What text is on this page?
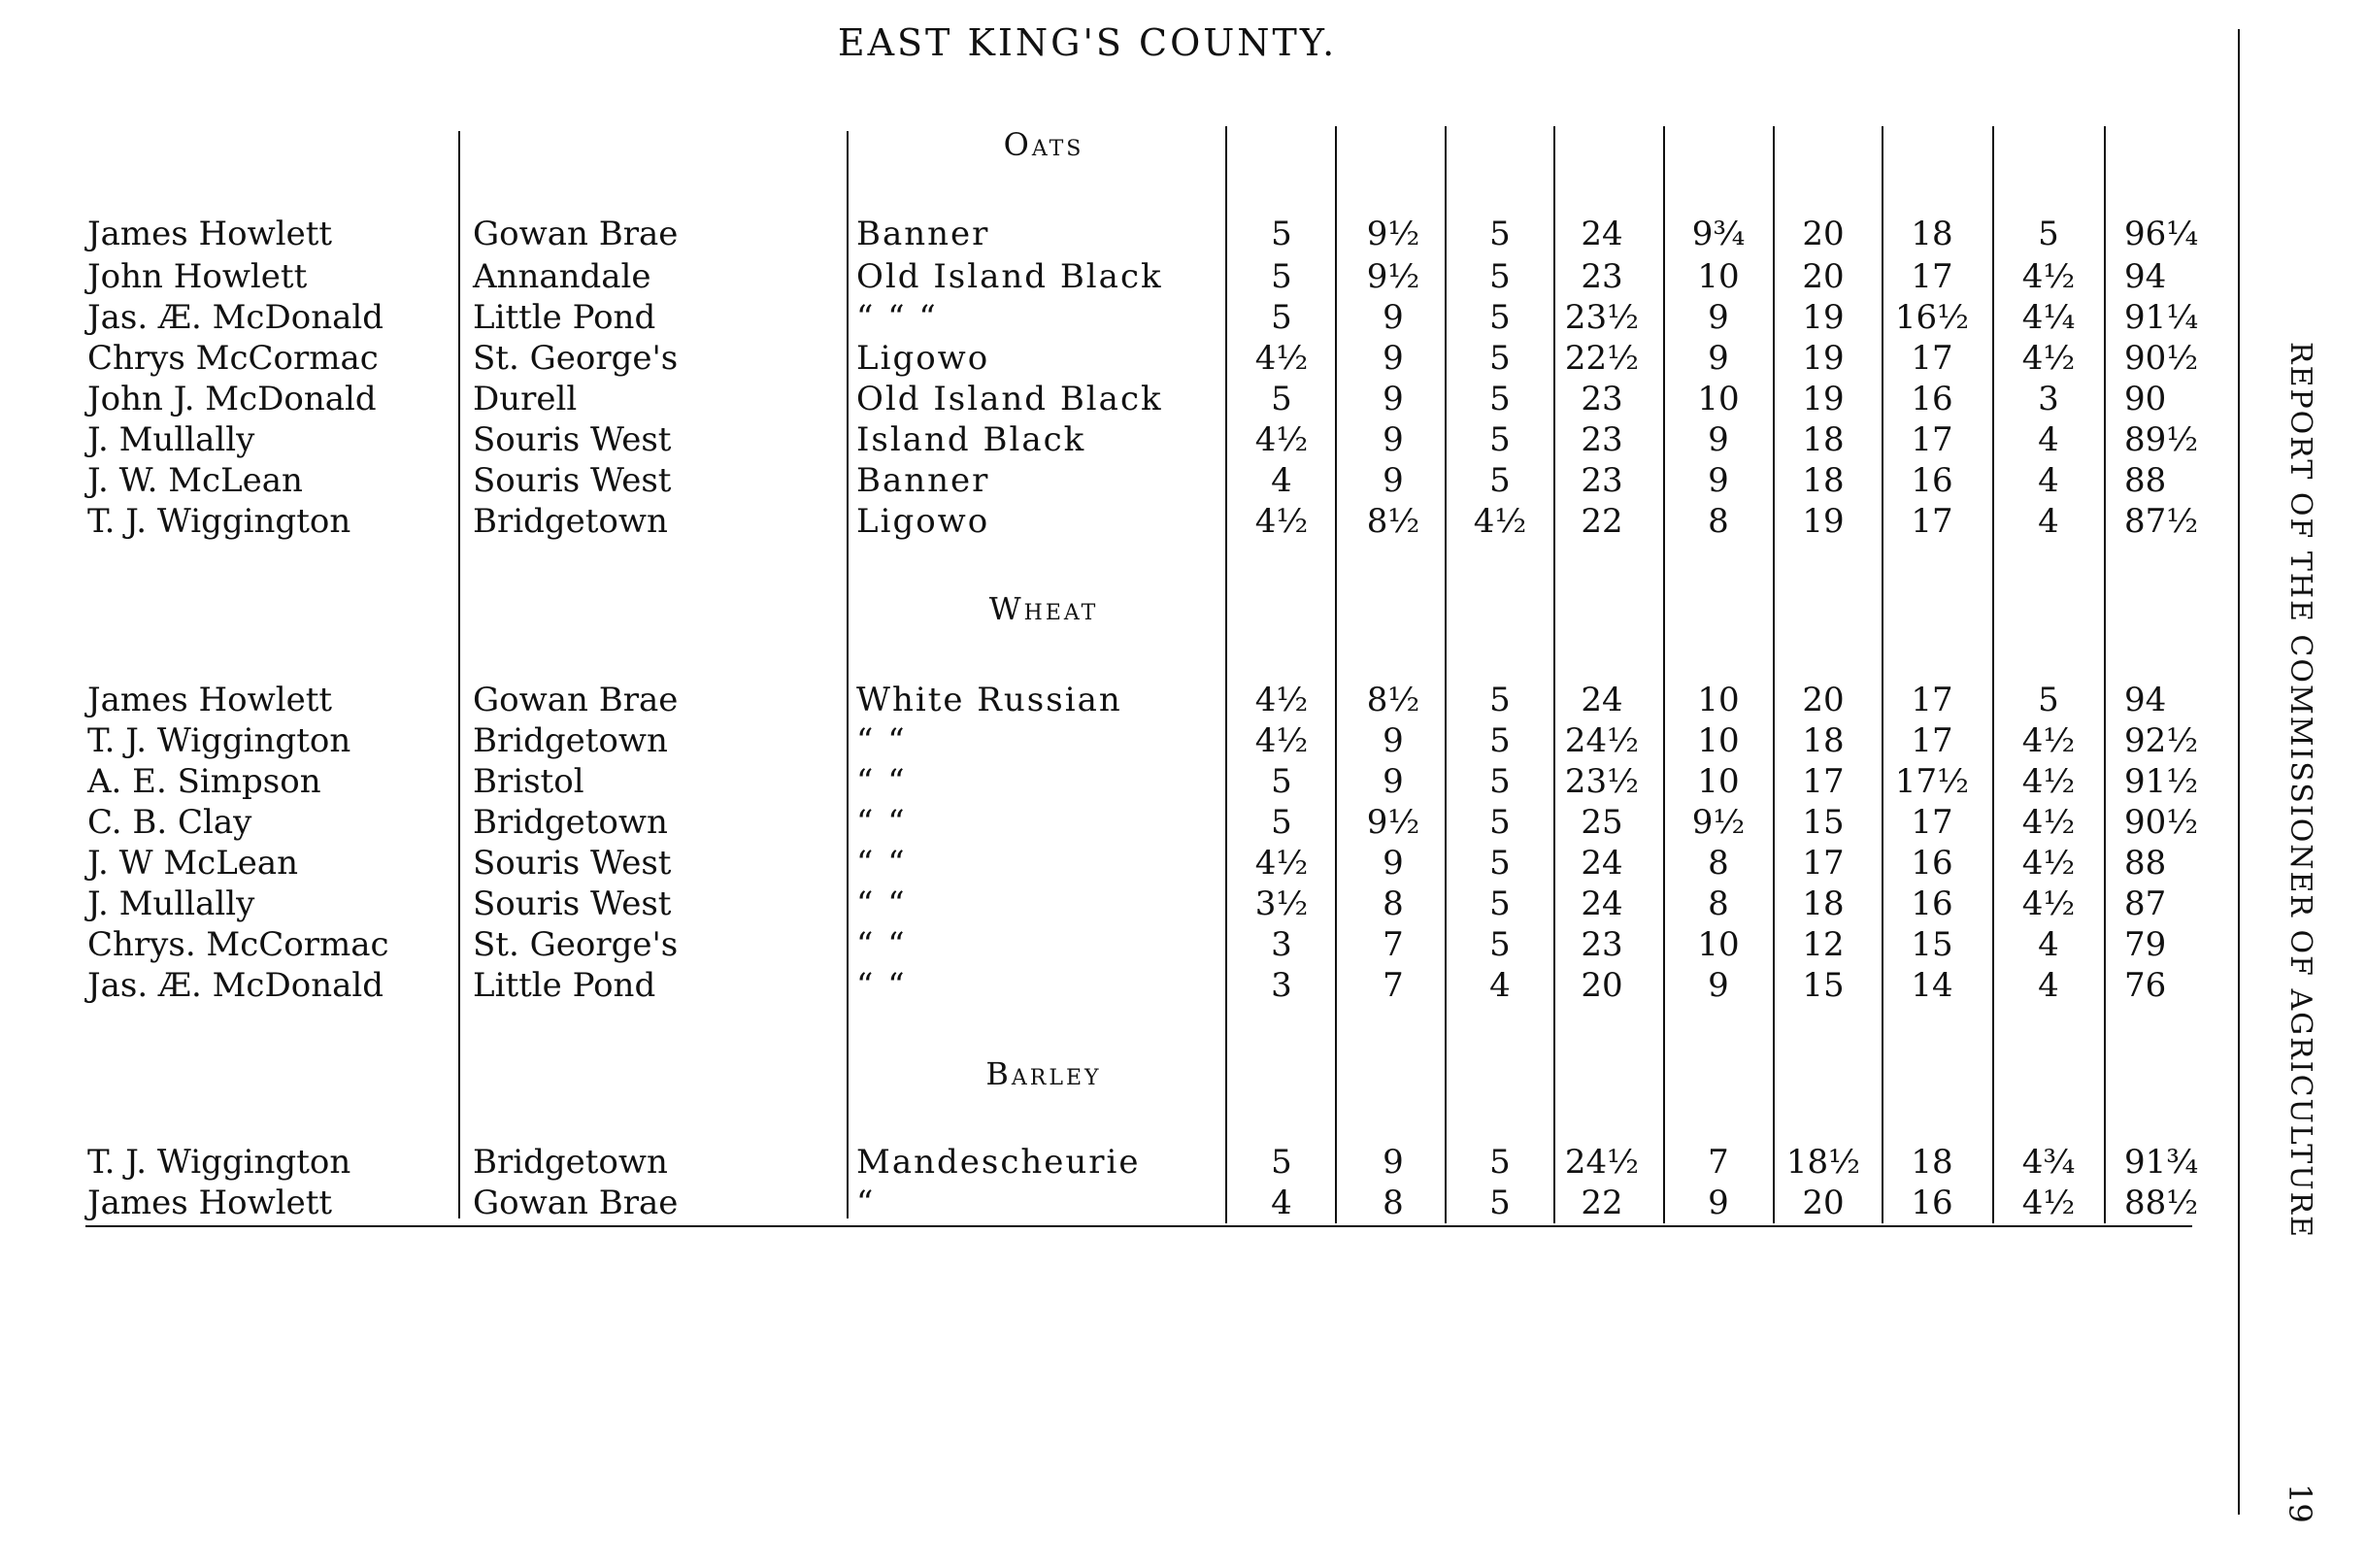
EAST KING'S COUNTY.
REPORT OF THE COMMISSIONER OF AGRICULTURE
19
Oats
James Howlett	Gowan Brae	Banner	5	9½	5	24	9¾	20	18	5	96¼
John Howlett	Annandale	Old Island Black	5	9½	5	23	10	20	17	4½	94
Jas. Æ. McDonald	Little Pond	“ “ “	5	9	5	23½	9	19	16½	4¼	91¼
Chrys McCormac	St. George's	Ligowo	4½	9	5	22½	9	19	17	4½	90½
John J. McDonald	Durell	Old Island Black	5	9	5	23	10	19	16	3	90
J. Mullally	Souris West	Island Black	4½	9	5	23	9	18	17	4	89½
J. W. McLean	Souris West	Banner	4	9	5	23	9	18	16	4	88
T. J. Wiggington	Bridgetown	Ligowo	4½	8½	4½	22	8	19	17	4	87½
Wheat
James Howlett	Gowan Brae	White Russian	4½	8½	5	24	10	20	17	5	94
T. J. Wiggington	Bridgetown	“ “	4½	9	5	24½	10	18	17	4½	92½
A. E. Simpson	Bristol	“ “	5	9	5	23½	10	17	17½	4½	91½
C. B. Clay	Bridgetown	“ “	5	9½	5	25	9½	15	17	4½	90½
J. W McLean	Souris West	“ “	4½	9	5	24	8	17	16	4½	88
J. Mullally	Souris West	“ “	3½	8	5	24	8	18	16	4½	87
Chrys. McCormac	St. George's	“ “	3	7	5	23	10	12	15	4	79
Jas. Æ. McDonald	Little Pond	“ “	3	7	4	20	9	15	14	4	76
Barley
T. J. Wiggington	Bridgetown	Mandescheurie	5	9	5	24½	7	18½	18	4¾	91¾
James Howlett	Gowan Brae	“	4	8	5	22	9	20	16	4½	88½
